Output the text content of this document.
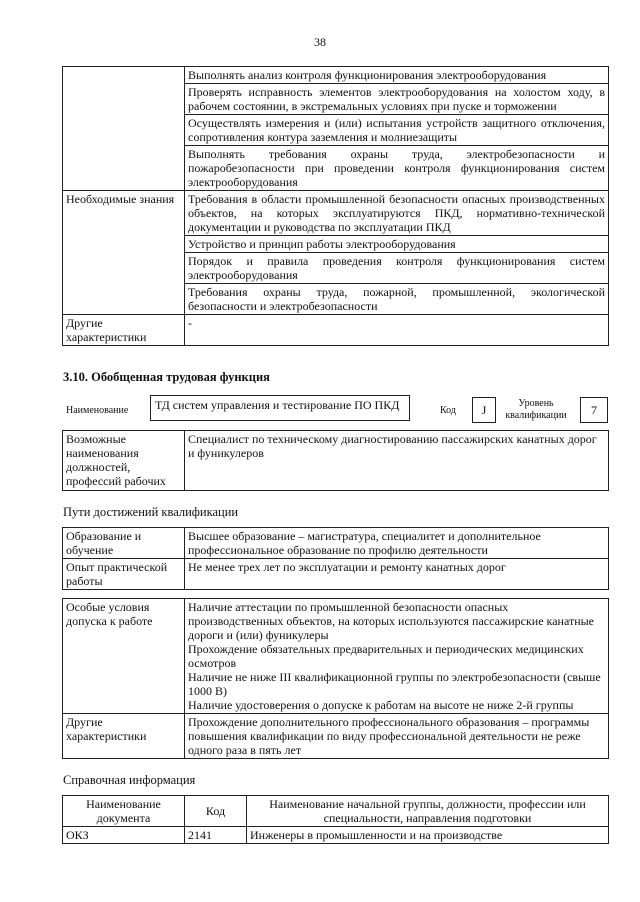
38
	Выполнять анализ контроля функционирования электрооборудования
	Проверять исправность элементов электрооборудования на холостом ходу, в рабочем состоянии, в экстремальных условиях при пуске и торможении
	Осуществлять измерения и (или) испытания устройств защитного отключения, сопротивления контура заземления и молниезащиты
	Выполнять требования охраны труда, электробезопасности и пожаробезопасности при проведении контроля функционирования систем электрооборудования
Необходимые знания	Требования в области промышленной безопасности опасных производственных объектов, на которых эксплуатируются ПКД, нормативно-технической документации и руководства по эксплуатации ПКД
	Устройство и принцип работы электрооборудования
	Порядок и правила проведения контроля функционирования систем электрооборудования
	Требования охраны труда, пожарной, промышленной, экологической безопасности и электробезопасности
Другие характеристики	-
3.10. Обобщенная трудовая функция
Наименование	ТД систем управления и тестирование ПО ПКД	Код	J	Уровень квалификации	7
Возможные наименования должностей, профессий рабочих	Специалист по техническому диагностированию пассажирских канатных дорог и фуникулеров
Пути достижений квалификации
Образование и обучение	Высшее образование – магистратура, специалитет и дополнительное профессиональное образование по профилю деятельности
Опыт практической работы	Не менее трех лет по эксплуатации и ремонту канатных дорог
Особые условия допуска к работе	Наличие аттестации по промышленной безопасности опасных производственных объектов, на которых используются пассажирские канатные дороги и (или) фуникулеры
Прохождение обязательных предварительных и периодических медицинских осмотров
Наличие не ниже III квалификационной группы по электробезопасности (свыше 1000 В)
Наличие удостоверения о допуске к работам на высоте не ниже 2-й группы

Другие характеристики	Прохождение дополнительного профессионального образования – программы повышения квалификации по виду профессиональной деятельности не реже одного раза в пять лет
Справочная информация
Наименование документа	Код	Наименование начальной группы, должности, профессии или специальности, направления подготовки
ОКЗ	2141	Инженеры в промышленности и на производстве
